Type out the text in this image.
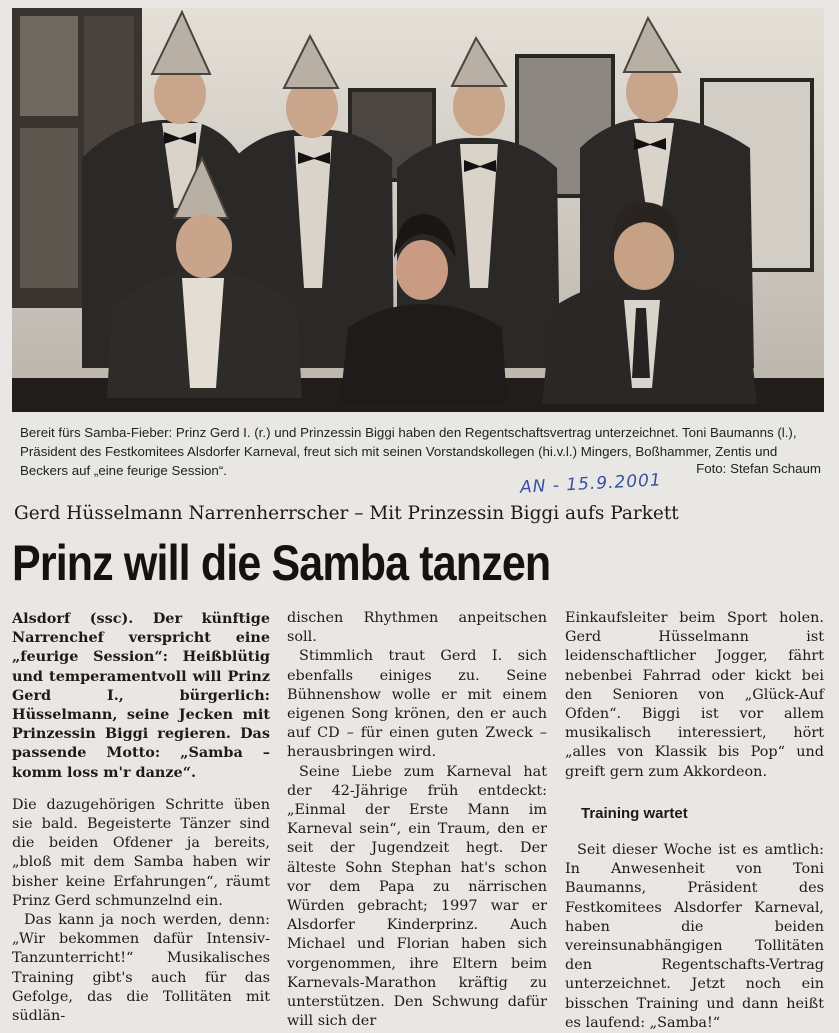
Bereit fürs Samba-Fieber: Prinz Gerd I. (r.) und Prinzessin Biggi haben den Regentschaftsvertrag unterzeichnet. Toni Baumanns (l.), Präsident des Festkomitees Alsdorfer Karneval, freut sich mit seinen Vorstandskollegen (hi.v.l.) Mingers, Boßhammer, Zentis und Beckers auf „eine feurige Session“.	Foto: Stefan Schaum
AN - 15.9.2001
Gerd Hüsselmann Narrenherrscher – Mit Prinzessin Biggi aufs Parkett
Prinz will die Samba tanzen

Alsdorf (ssc). Der künftige Narrenchef verspricht eine „feurige Session“: Heißblütig und temperamentvoll will Prinz Gerd I., bürgerlich: Hüsselmann, seine Jecken mit Prinzessin Biggi regieren. Das passende Motto: „Samba – komm loss m'r danze“.

Die dazugehörigen Schritte üben sie bald. Begeisterte Tänzer sind die beiden Ofdener ja bereits, „bloß mit dem Samba haben wir bisher keine Erfahrungen“, räumt Prinz Gerd schmunzelnd ein.

Das kann ja noch werden, denn: „Wir bekommen dafür Intensiv-Tanzunterricht!“ Musikalisches Training gibt's auch für das Gefolge, das die Tollitäten mit südlän-

dischen Rhythmen anpeitschen soll.

Stimmlich traut Gerd I. sich ebenfalls einiges zu. Seine Bühnenshow wolle er mit einem eigenen Song krönen, den er auch auf CD – für einen guten Zweck – herausbringen wird.

Seine Liebe zum Karneval hat der 42-Jährige früh entdeckt: „Einmal der Erste Mann im Karneval sein“, ein Traum, den er seit der Jugendzeit hegt. Der älteste Sohn Stephan hat's schon vor dem Papa zu närrischen Würden gebracht; 1997 war er Alsdorfer Kinderprinz. Auch Michael und Florian haben sich vorgenommen, ihre Eltern beim Karnevals-Marathon kräftig zu unterstützen. Den Schwung dafür will sich der

Einkaufsleiter beim Sport holen. Gerd Hüsselmann ist leidenschaftlicher Jogger, fährt nebenbei Fahrrad oder kickt bei den Senioren von „Glück-Auf Ofden“. Biggi ist vor allem musikalisch interessiert, hört „alles von Klassik bis Pop“ und greift gern zum Akkordeon.

Training wartet

Seit dieser Woche ist es amtlich: In Anwesenheit von Toni Baumanns, Präsident des Festkomitees Alsdorfer Karneval, haben die beiden vereinsunabhängigen Tollitäten den Regentschafts-Vertrag unterzeichnet. Jetzt noch ein bisschen Training und dann heißt es laufend: „Samba!“
